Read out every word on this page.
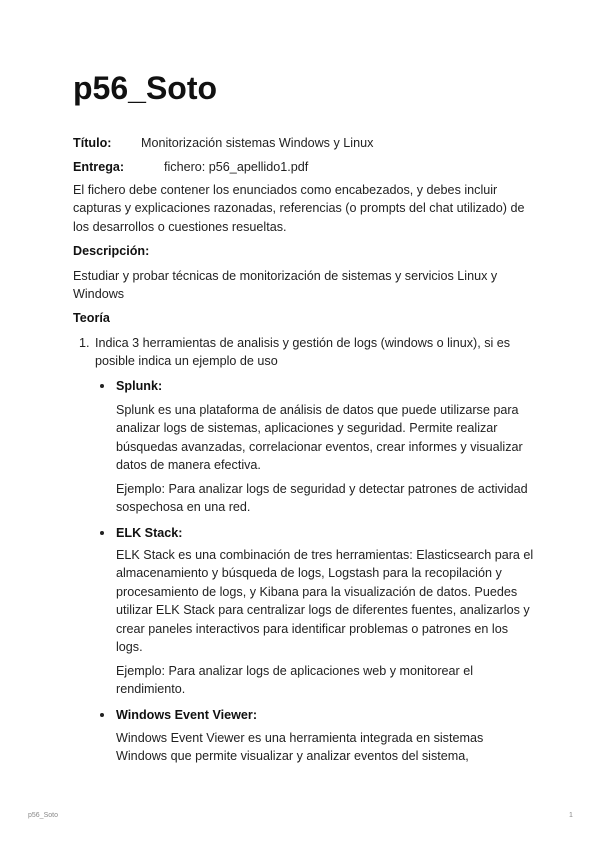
p56_Soto
Título: Monitorización sistemas Windows y Linux
Entrega:	fichero: p56_apellido1.pdf

El fichero debe contener los enunciados como encabezados, y debes incluir capturas y explicaciones razonadas, referencias (o prompts del chat utilizado) de los desarrollos o cuestiones resueltas.

Descripción:

Estudiar y probar técnicas de monitorización de sistemas y servicios Linux y Windows

Teoría
1. Indica 3 herramientas de analisis y gestión de logs (windows o linux), si es posible indica un ejemplo de uso

Splunk:

Splunk es una plataforma de análisis de datos que puede utilizarse para analizar logs de sistemas, aplicaciones y seguridad. Permite realizar búsquedas avanzadas, correlacionar eventos, crear informes y visualizar datos de manera efectiva.

Ejemplo: Para analizar logs de seguridad y detectar patrones de actividad sospechosa en una red.

ELK Stack:

ELK Stack es una combinación de tres herramientas: Elasticsearch para el almacenamiento y búsqueda de logs, Logstash para la recopilación y procesamiento de logs, y Kibana para la visualización de datos. Puedes utilizar ELK Stack para centralizar logs de diferentes fuentes, analizarlos y crear paneles interactivos para identificar problemas o patrones en los logs.

Ejemplo: Para analizar logs de aplicaciones web y monitorear el rendimiento.

Windows Event Viewer:

Windows Event Viewer es una herramienta integrada en sistemas Windows que permite visualizar y analizar eventos del sistema,

p56_Soto	1
